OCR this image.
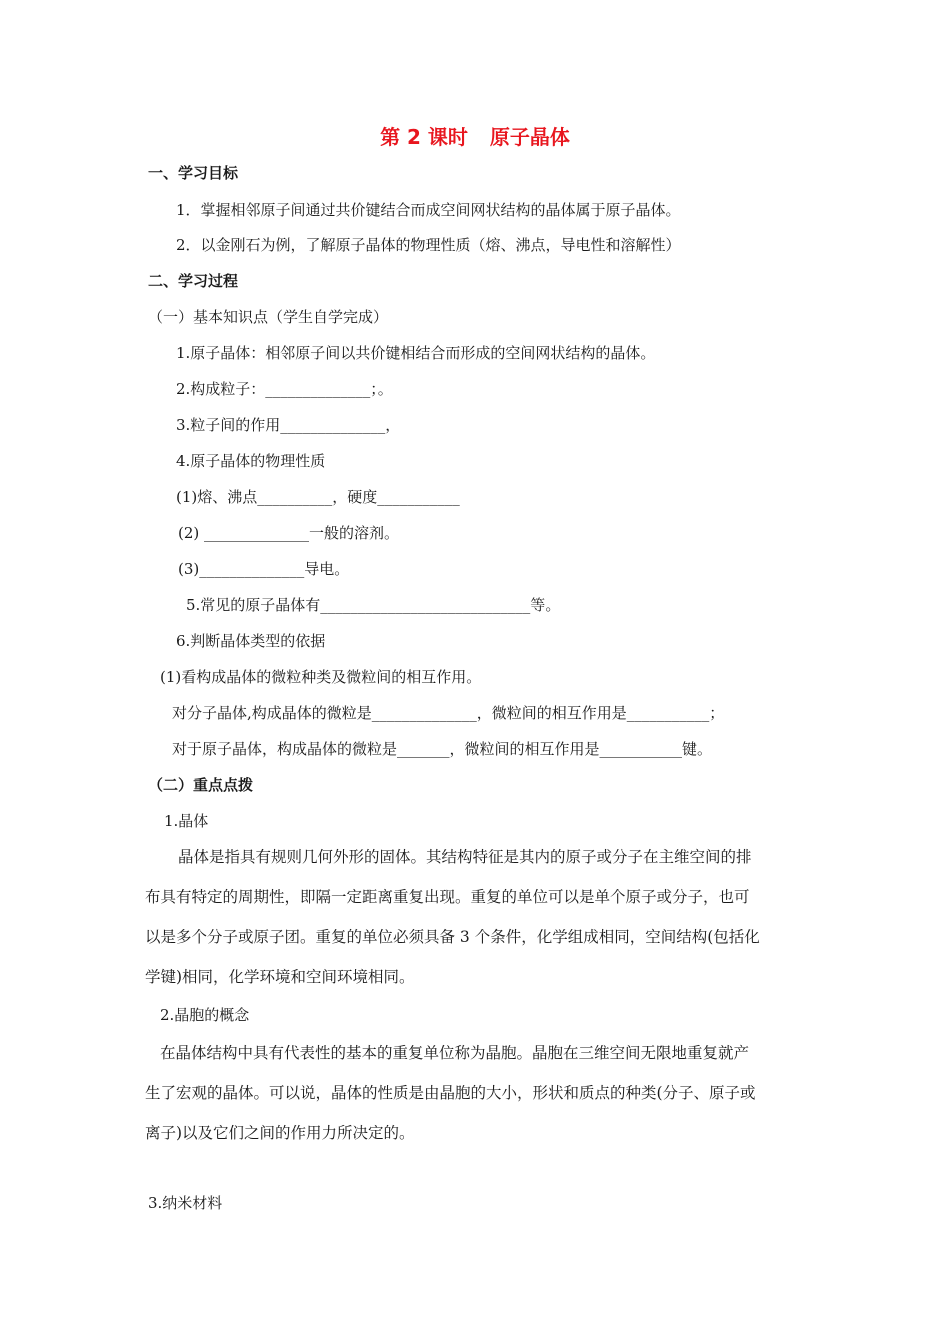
第 2 课时 原子晶体
一、学习目标
1．掌握相邻原子间通过共价键结合而成空间网状结构的晶体属于原子晶体。
2．以金刚石为例，了解原子晶体的物理性质（熔、沸点，导电性和溶解性）
二、学习过程
（一）基本知识点（学生自学完成）
1.原子晶体：相邻原子间以共价键相结合而形成的空间网状结构的晶体。
2.构成粒子：______________；。
3.粒子间的作用______________，
4.原子晶体的物理性质
(1)熔、沸点__________，硬度___________
(2) ______________一般的溶剂。
(3)______________导电。
5.常见的原子晶体有____________________________等。
6.判断晶体类型的依据
(1)看构成晶体的微粒种类及微粒间的相互作用。
对分子晶体,构成晶体的微粒是______________，微粒间的相互作用是___________；
对于原子晶体，构成晶体的微粒是_______，微粒间的相互作用是___________键。
（二）重点点拨
1.晶体
晶体是指具有规则几何外形的固体。其结构特征是其内的原子或分子在主维空间的排
布具有特定的周期性，即隔一定距离重复出现。重复的单位可以是单个原子或分子，也可
以是多个分子或原子团。重复的单位必须具备 3 个条件，化学组成相同，空间结构(包括化
学键)相同，化学环境和空间环境相同。
2.晶胞的概念
在晶体结构中具有代表性的基本的重复单位称为晶胞。晶胞在三维空间无限地重复就产
生了宏观的晶体。可以说，晶体的性质是由晶胞的大小，形状和质点的种类(分子、原子或
离子)以及它们之间的作用力所决定的。
3.纳米材料
